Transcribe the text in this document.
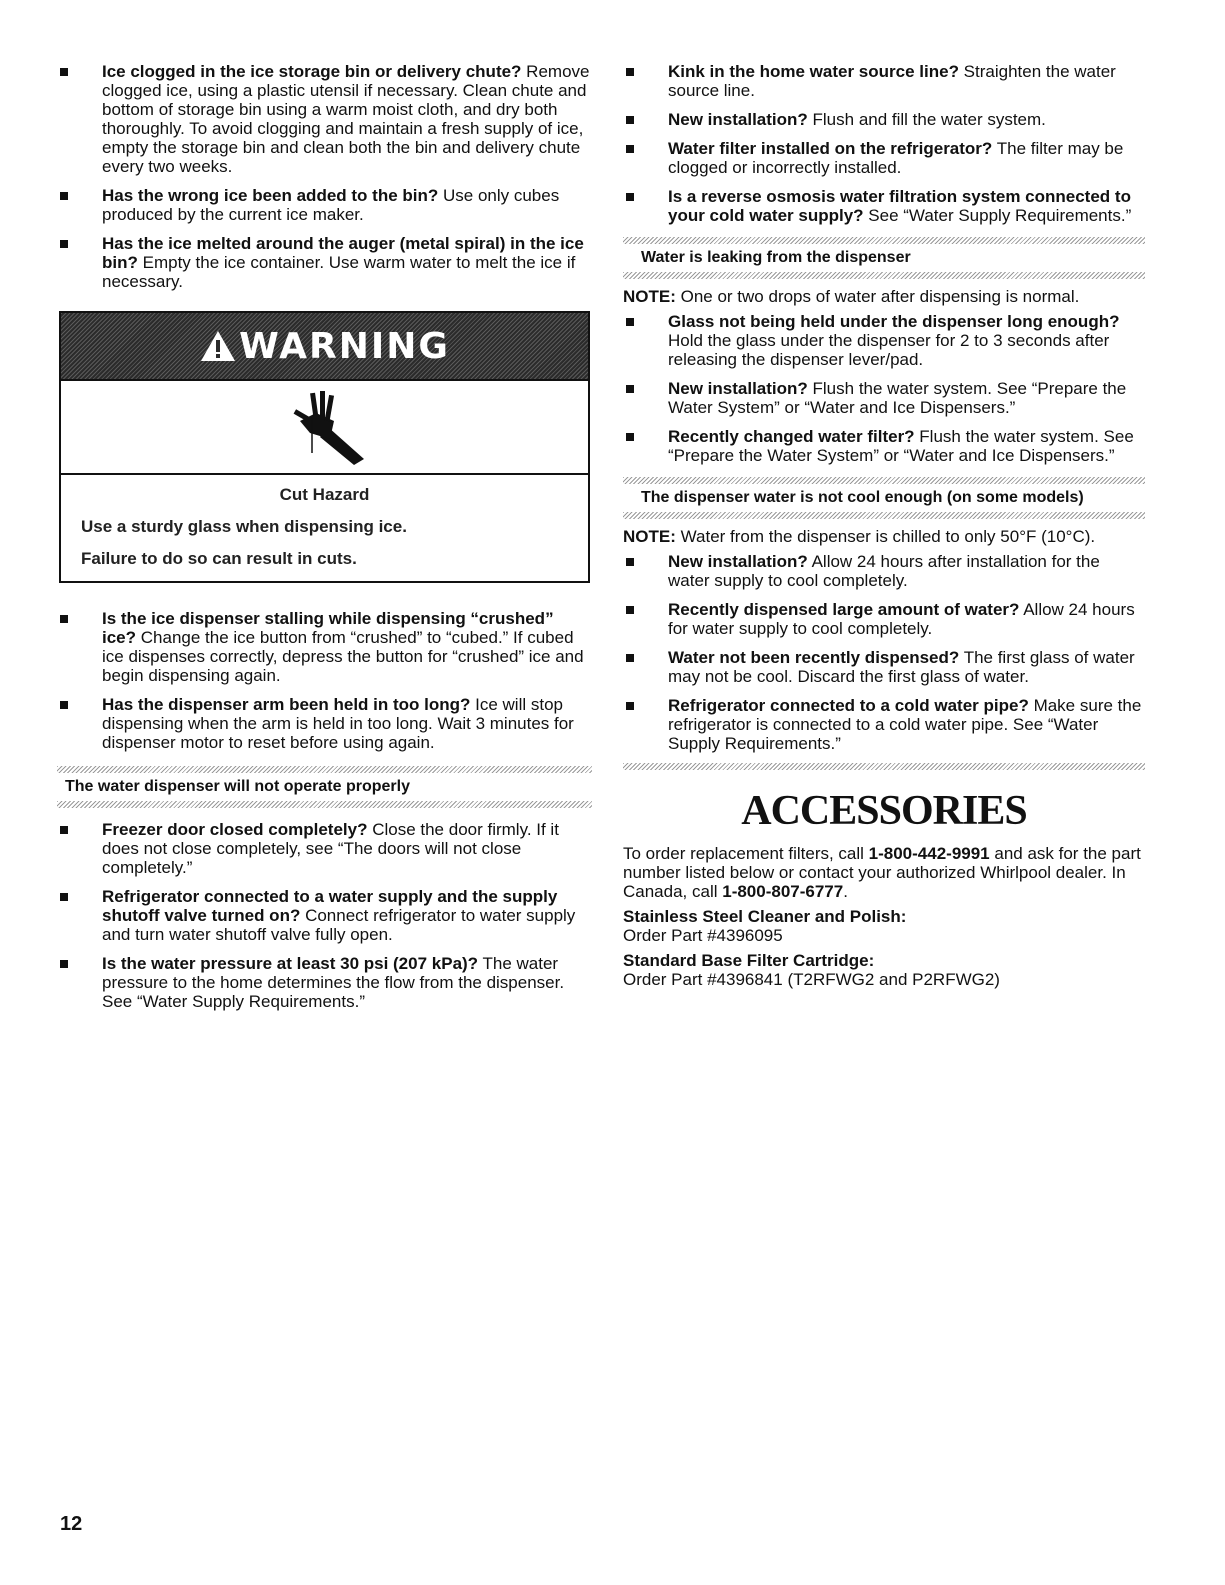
Ice clogged in the ice storage bin or delivery chute? Remove clogged ice, using a plastic utensil if necessary. Clean chute and bottom of storage bin using a warm moist cloth, and dry both thoroughly. To avoid clogging and maintain a fresh supply of ice, empty the storage bin and clean both the bin and delivery chute every two weeks.
Has the wrong ice been added to the bin? Use only cubes produced by the current ice maker.
Has the ice melted around the auger (metal spiral) in the ice bin? Empty the ice container. Use warm water to melt the ice if necessary.
WARNING
Cut Hazard
Use a sturdy glass when dispensing ice.
Failure to do so can result in cuts.
Is the ice dispenser stalling while dispensing “crushed” ice? Change the ice button from “crushed” to “cubed.” If cubed ice dispenses correctly, depress the button for “crushed” ice and begin dispensing again.
Has the dispenser arm been held in too long? Ice will stop dispensing when the arm is held in too long. Wait 3 minutes for dispenser motor to reset before using again.
The water dispenser will not operate properly
Freezer door closed completely? Close the door firmly. If it does not close completely, see “The doors will not close completely.”
Refrigerator connected to a water supply and the supply shutoff valve turned on? Connect refrigerator to water supply and turn water shutoff valve fully open.
Is the water pressure at least 30 psi (207 kPa)? The water pressure to the home determines the flow from the dispenser. See “Water Supply Requirements.”
Kink in the home water source line? Straighten the water source line.
New installation? Flush and fill the water system.
Water filter installed on the refrigerator? The filter may be clogged or incorrectly installed.
Is a reverse osmosis water filtration system connected to your cold water supply? See “Water Supply Requirements.”
Water is leaking from the dispenser
NOTE: One or two drops of water after dispensing is normal.
Glass not being held under the dispenser long enough? Hold the glass under the dispenser for 2 to 3 seconds after releasing the dispenser lever/pad.
New installation? Flush the water system. See “Prepare the Water System” or “Water and Ice Dispensers.”
Recently changed water filter? Flush the water system. See “Prepare the Water System” or “Water and Ice Dispensers.”
The dispenser water is not cool enough (on some models)
NOTE: Water from the dispenser is chilled to only 50°F (10°C).
New installation? Allow 24 hours after installation for the water supply to cool completely.
Recently dispensed large amount of water? Allow 24 hours for water supply to cool completely.
Water not been recently dispensed? The first glass of water may not be cool. Discard the first glass of water.
Refrigerator connected to a cold water pipe? Make sure the refrigerator is connected to a cold water pipe. See “Water Supply Requirements.”
ACCESSORIES
To order replacement filters, call 1-800-442-9991 and ask for the part number listed below or contact your authorized Whirlpool dealer. In Canada, call 1-800-807-6777.
Stainless Steel Cleaner and Polish:
Order Part #4396095
Standard Base Filter Cartridge:
Order Part #4396841 (T2RFWG2 and P2RFWG2)
12
